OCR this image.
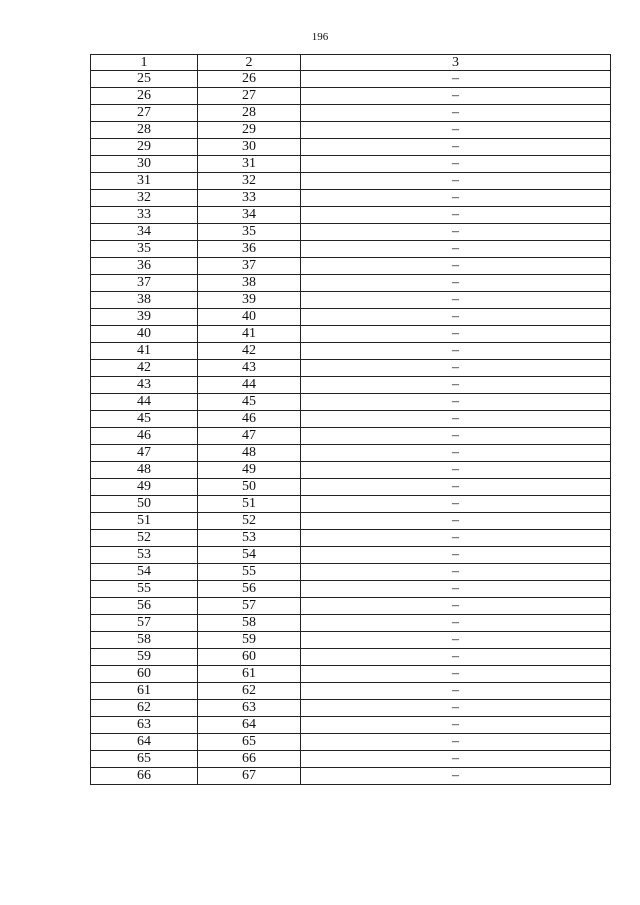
196
1	2	3
25	26	–
26	27	–
27	28	–
28	29	–
29	30	–
30	31	–
31	32	–
32	33	–
33	34	–
34	35	–
35	36	–
36	37	–
37	38	–
38	39	–
39	40	–
40	41	–
41	42	–
42	43	–
43	44	–
44	45	–
45	46	–
46	47	–
47	48	–
48	49	–
49	50	–
50	51	–
51	52	–
52	53	–
53	54	–
54	55	–
55	56	–
56	57	–
57	58	–
58	59	–
59	60	–
60	61	–
61	62	–
62	63	–
63	64	–
64	65	–
65	66	–
66	67	–
